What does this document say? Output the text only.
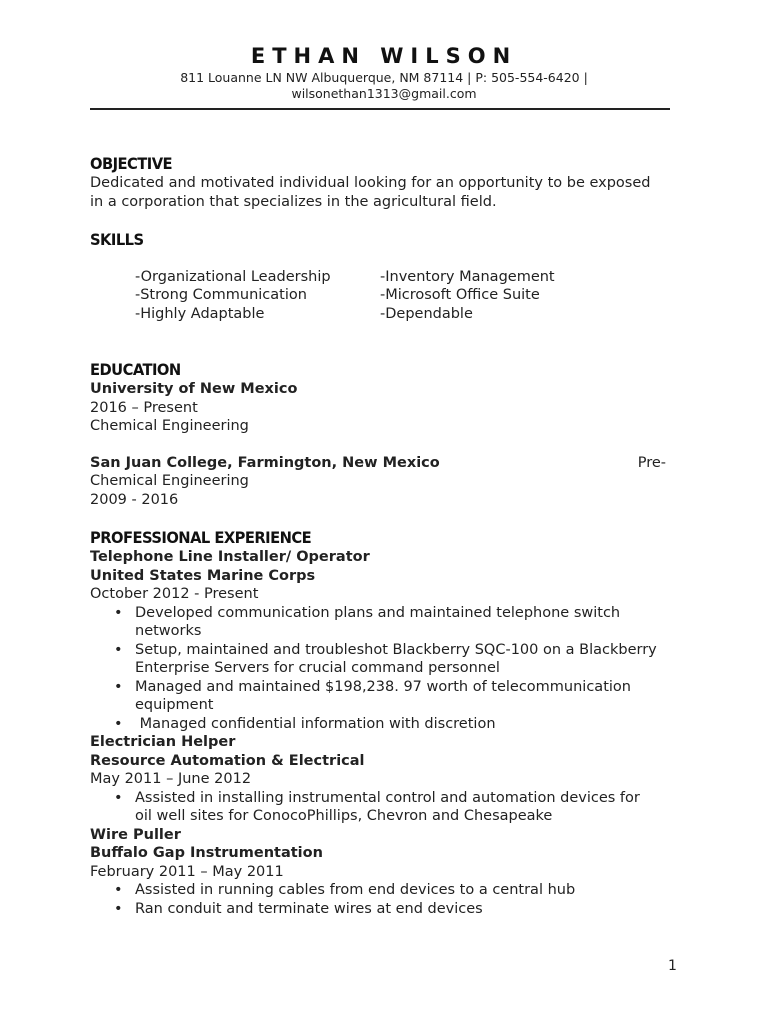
ETHAN WILSON
811 Louanne LN NW Albuquerque, NM 87114 | P: 505-554-6420 |
wilsonethan1313@gmail.com
OBJECTIVE
Dedicated and motivated individual looking for an opportunity to be exposed
in a corporation that specializes in the agricultural field.
SKILLS
-Organizational Leadership	-Inventory Management
-Strong Communication	-Microsoft Office Suite
-Highly Adaptable	-Dependable
EDUCATION
University of New Mexico
2016 – Present
Chemical Engineering
San Juan College, Farmington, New Mexico	Pre-
Chemical Engineering
2009 - 2016
PROFESSIONAL EXPERIENCE
Telephone Line Installer/ Operator
United States Marine Corps
October 2012 - Present
• Developed communication plans and maintained telephone switch
networks
• Setup, maintained and troubleshot Blackberry SQC-100 on a Blackberry
Enterprise Servers for crucial command personnel
• Managed and maintained $198,238. 97 worth of telecommunication
equipment
• Managed confidential information with discretion
Electrician Helper
Resource Automation & Electrical
May 2011 – June 2012
• Assisted in installing instrumental control and automation devices for
oil well sites for ConocoPhillips, Chevron and Chesapeake
Wire Puller
Buffalo Gap Instrumentation
February 2011 – May 2011
• Assisted in running cables from end devices to a central hub
• Ran conduit and terminate wires at end devices
1
